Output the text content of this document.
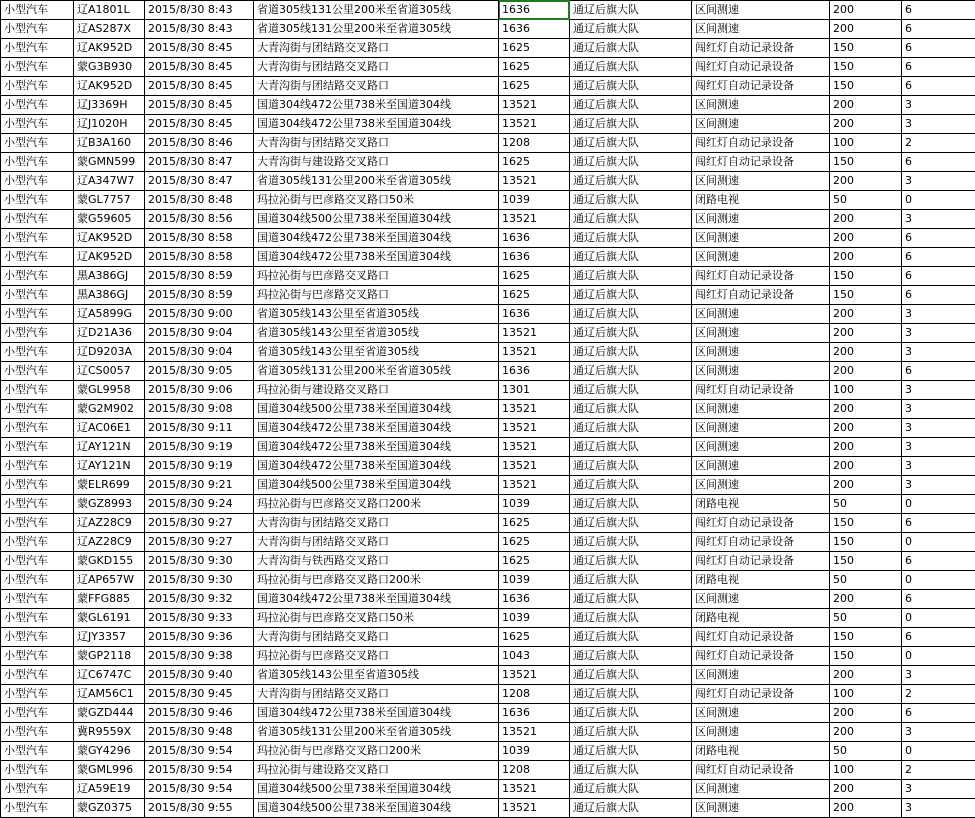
小型汽车	辽A1801L	2015/8/30 8:43	省道305线131公里200米至省道305线	1636	通辽后旗大队	区间测速	200	6
小型汽车	辽AS287X	2015/8/30 8:43	省道305线131公里200米至省道305线	1636	通辽后旗大队	区间测速	200	6
小型汽车	辽AK952D	2015/8/30 8:45	大青沟街与团结路交叉路口	1625	通辽后旗大队	闯红灯自动记录设备	150	6
小型汽车	蒙G3B930	2015/8/30 8:45	大青沟街与团结路交叉路口	1625	通辽后旗大队	闯红灯自动记录设备	150	6
小型汽车	辽AK952D	2015/8/30 8:45	大青沟街与团结路交叉路口	1625	通辽后旗大队	闯红灯自动记录设备	150	6
小型汽车	辽J3369H	2015/8/30 8:45	国道304线472公里738米至国道304线	13521	通辽后旗大队	区间测速	200	3
小型汽车	辽J1020H	2015/8/30 8:45	国道304线472公里738米至国道304线	13521	通辽后旗大队	区间测速	200	3
小型汽车	辽B3A160	2015/8/30 8:46	大青沟街与团结路交叉路口	1208	通辽后旗大队	闯红灯自动记录设备	100	2
小型汽车	蒙GMN599	2015/8/30 8:47	大青沟街与建设路交叉路口	1625	通辽后旗大队	闯红灯自动记录设备	150	6
小型汽车	辽A347W7	2015/8/30 8:47	省道305线131公里200米至省道305线	13521	通辽后旗大队	区间测速	200	3
小型汽车	蒙GL7757	2015/8/30 8:48	玛拉沁街与巴彦路交叉路口50米	1039	通辽后旗大队	闭路电视	50	0
小型汽车	蒙G59605	2015/8/30 8:56	国道304线500公里738米至国道304线	13521	通辽后旗大队	区间测速	200	3
小型汽车	辽AK952D	2015/8/30 8:58	国道304线472公里738米至国道304线	1636	通辽后旗大队	区间测速	200	6
小型汽车	辽AK952D	2015/8/30 8:58	国道304线472公里738米至国道304线	1636	通辽后旗大队	区间测速	200	6
小型汽车	黑A386GJ	2015/8/30 8:59	玛拉沁街与巴彦路交叉路口	1625	通辽后旗大队	闯红灯自动记录设备	150	6
小型汽车	黑A386GJ	2015/8/30 8:59	玛拉沁街与巴彦路交叉路口	1625	通辽后旗大队	闯红灯自动记录设备	150	6
小型汽车	辽A5899G	2015/8/30 9:00	省道305线143公里至省道305线	1636	通辽后旗大队	区间测速	200	3
小型汽车	辽D21A36	2015/8/30 9:04	省道305线143公里至省道305线	13521	通辽后旗大队	区间测速	200	3
小型汽车	辽D9203A	2015/8/30 9:04	省道305线143公里至省道305线	13521	通辽后旗大队	区间测速	200	3
小型汽车	辽CS0057	2015/8/30 9:05	省道305线131公里200米至省道305线	1636	通辽后旗大队	区间测速	200	6
小型汽车	蒙GL9958	2015/8/30 9:06	玛拉沁街与建设路交叉路口	1301	通辽后旗大队	闯红灯自动记录设备	100	3
小型汽车	蒙G2M902	2015/8/30 9:08	国道304线500公里738米至国道304线	13521	通辽后旗大队	区间测速	200	3
小型汽车	辽AC06E1	2015/8/30 9:11	国道304线472公里738米至国道304线	13521	通辽后旗大队	区间测速	200	3
小型汽车	辽AY121N	2015/8/30 9:19	国道304线472公里738米至国道304线	13521	通辽后旗大队	区间测速	200	3
小型汽车	辽AY121N	2015/8/30 9:19	国道304线472公里738米至国道304线	13521	通辽后旗大队	区间测速	200	3
小型汽车	蒙ELR699	2015/8/30 9:21	国道304线500公里738米至国道304线	13521	通辽后旗大队	区间测速	200	3
小型汽车	蒙GZ8993	2015/8/30 9:24	玛拉沁街与巴彦路交叉路口200米	1039	通辽后旗大队	闭路电视	50	0
小型汽车	辽AZ28C9	2015/8/30 9:27	大青沟街与团结路交叉路口	1625	通辽后旗大队	闯红灯自动记录设备	150	6
小型汽车	辽AZ28C9	2015/8/30 9:27	大青沟街与团结路交叉路口	1625	通辽后旗大队	闯红灯自动记录设备	150	0
小型汽车	蒙GKD155	2015/8/30 9:30	大青沟街与铁西路交叉路口	1625	通辽后旗大队	闯红灯自动记录设备	150	6
小型汽车	辽AP657W	2015/8/30 9:30	玛拉沁街与巴彦路交叉路口200米	1039	通辽后旗大队	闭路电视	50	0
小型汽车	蒙FFG885	2015/8/30 9:32	国道304线472公里738米至国道304线	1636	通辽后旗大队	区间测速	200	6
小型汽车	蒙GL6191	2015/8/30 9:33	玛拉沁街与巴彦路交叉路口50米	1039	通辽后旗大队	闭路电视	50	0
小型汽车	辽JY3357	2015/8/30 9:36	大青沟街与团结路交叉路口	1625	通辽后旗大队	闯红灯自动记录设备	150	6
小型汽车	蒙GP2118	2015/8/30 9:38	玛拉沁街与巴彦路交叉路口	1043	通辽后旗大队	闯红灯自动记录设备	150	0
小型汽车	辽C6747C	2015/8/30 9:40	省道305线143公里至省道305线	13521	通辽后旗大队	区间测速	200	3
小型汽车	辽AM56C1	2015/8/30 9:45	大青沟街与团结路交叉路口	1208	通辽后旗大队	闯红灯自动记录设备	100	2
小型汽车	蒙GZD444	2015/8/30 9:46	国道304线472公里738米至国道304线	1636	通辽后旗大队	区间测速	200	6
小型汽车	冀R9559X	2015/8/30 9:48	省道305线131公里200米至省道305线	13521	通辽后旗大队	区间测速	200	3
小型汽车	蒙GY4296	2015/8/30 9:54	玛拉沁街与巴彦路交叉路口200米	1039	通辽后旗大队	闭路电视	50	0
小型汽车	蒙GML996	2015/8/30 9:54	玛拉沁街与建设路交叉路口	1208	通辽后旗大队	闯红灯自动记录设备	100	2
小型汽车	辽A59E19	2015/8/30 9:54	国道304线500公里738米至国道304线	13521	通辽后旗大队	区间测速	200	3
小型汽车	蒙GZ0375	2015/8/30 9:55	国道304线500公里738米至国道304线	13521	通辽后旗大队	区间测速	200	3
